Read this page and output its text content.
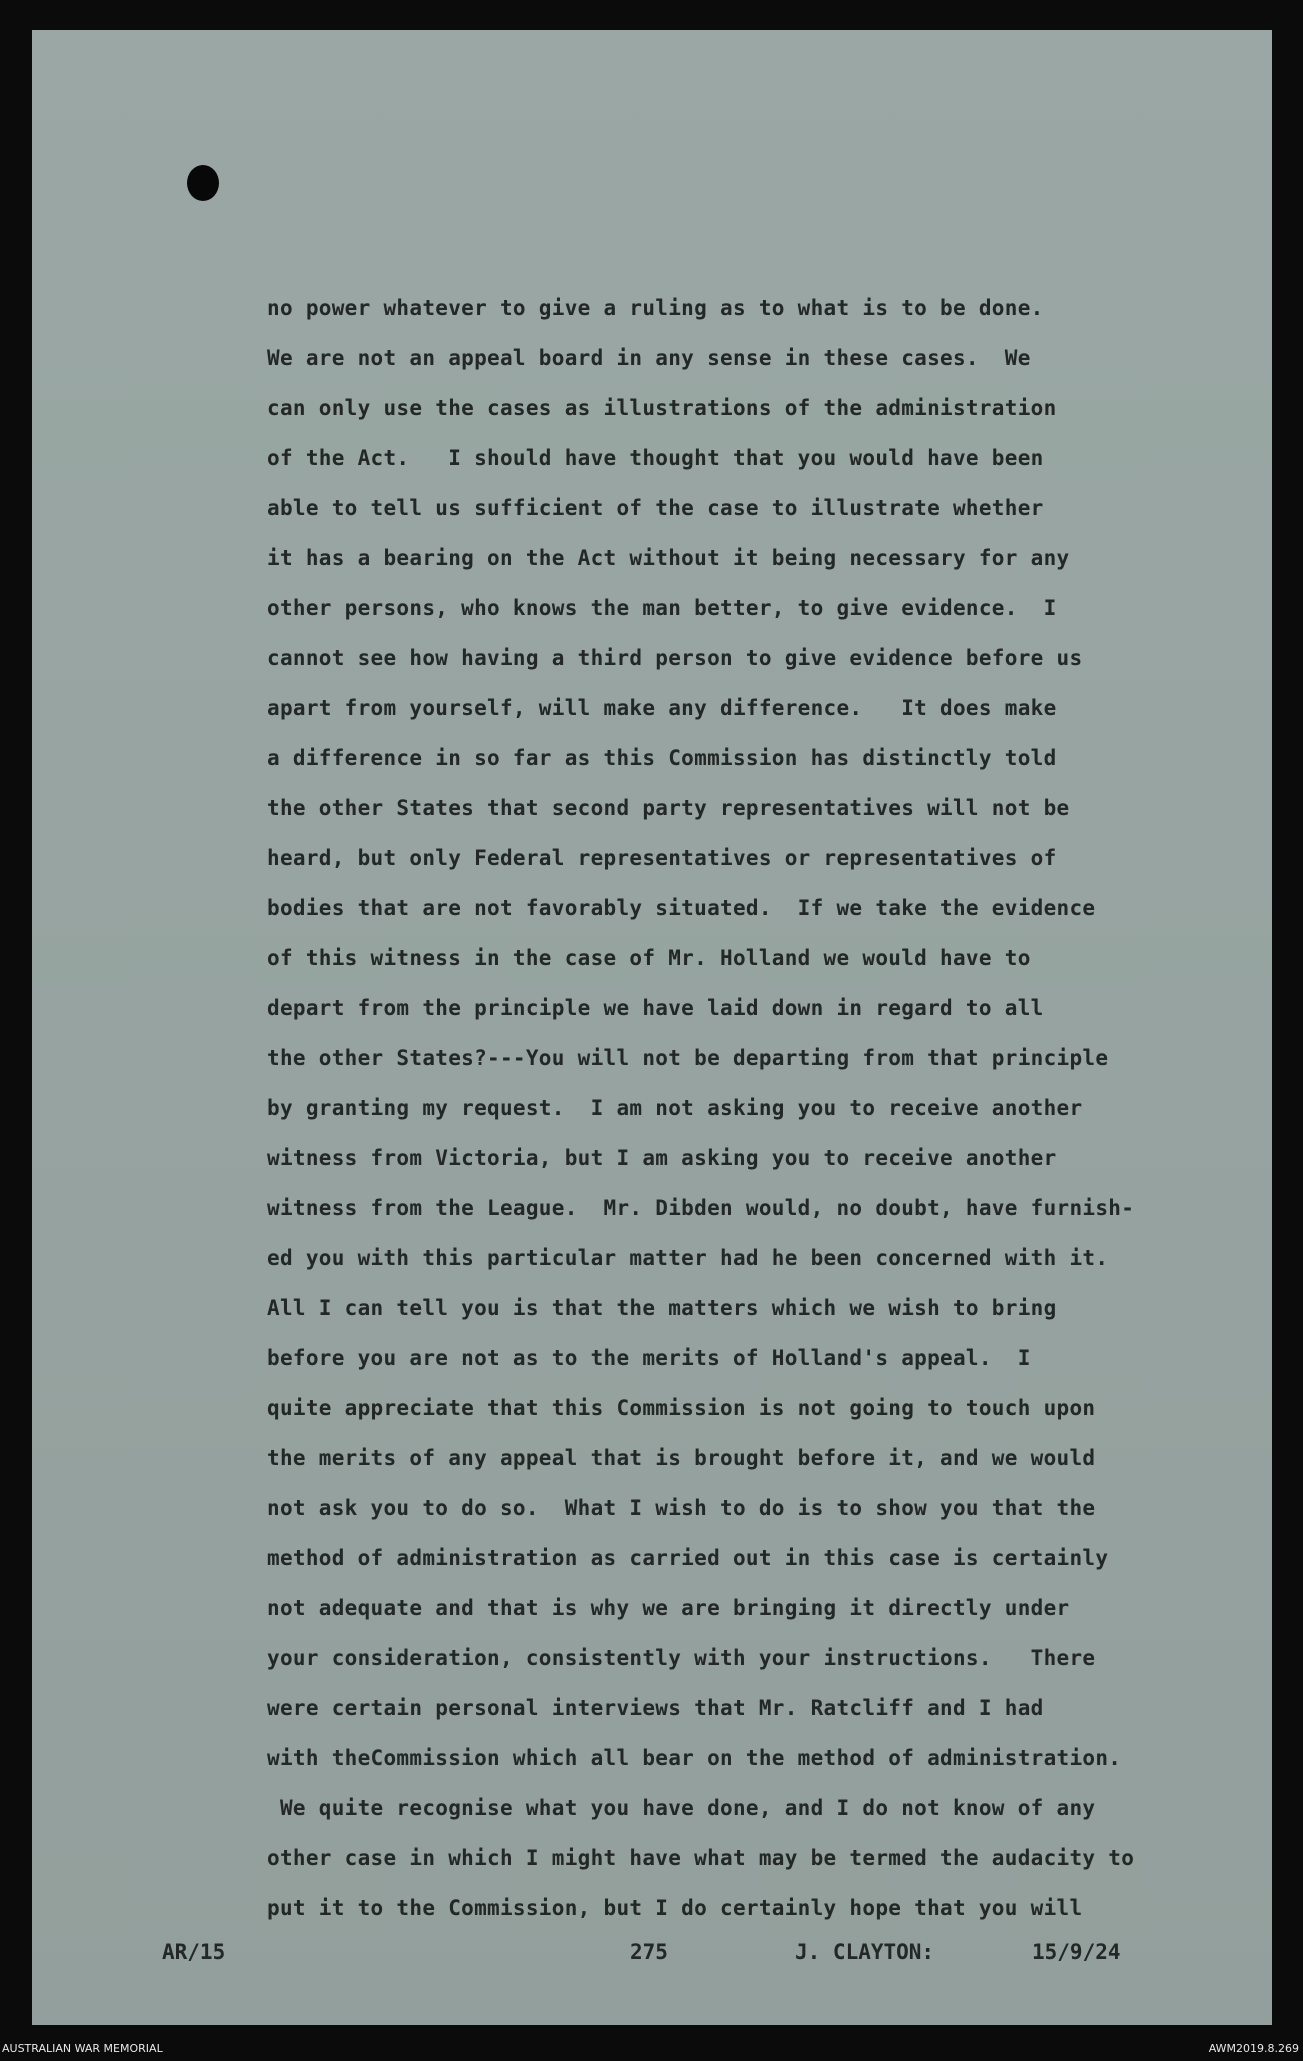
no power whatever to give a ruling as to what is to be done.
We are not an appeal board in any sense in these cases.  We
can only use the cases as illustrations of the administration
of the Act.   I should have thought that you would have been
able to tell us sufficient of the case to illustrate whether
it has a bearing on the Act without it being necessary for any
other persons, who knows the man better, to give evidence.  I
cannot see how having a third person to give evidence before us
apart from yourself, will make any difference.   It does make
a difference in so far as this Commission has distinctly told
the other States that second party representatives will not be
heard, but only Federal representatives or representatives of
bodies that are not favorably situated.  If we take the evidence
of this witness in the case of Mr. Holland we would have to
depart from the principle we have laid down in regard to all
the other States?---You will not be departing from that principle
by granting my request.  I am not asking you to receive another
witness from Victoria, but I am asking you to receive another
witness from the League.  Mr. Dibden would, no doubt, have furnish-
ed you with this particular matter had he been concerned with it.
All I can tell you is that the matters which we wish to bring
before you are not as to the merits of Holland's appeal.  I
quite appreciate that this Commission is not going to touch upon
the merits of any appeal that is brought before it, and we would
not ask you to do so.  What I wish to do is to show you that the
method of administration as carried out in this case is certainly
not adequate and that is why we are bringing it directly under
your consideration, consistently with your instructions.   There
were certain personal interviews that Mr. Ratcliff and I had
with theCommission which all bear on the method of administration.
We quite recognise what you have done, and I do not know of any
other case in which I might have what may be termed the audacity to
put it to the Commission, but I do certainly hope that you will
AR/15	275	J. CLAYTON:	15/9/24
AUSTRALIAN WAR MEMORIAL	AWM2019.8.269
